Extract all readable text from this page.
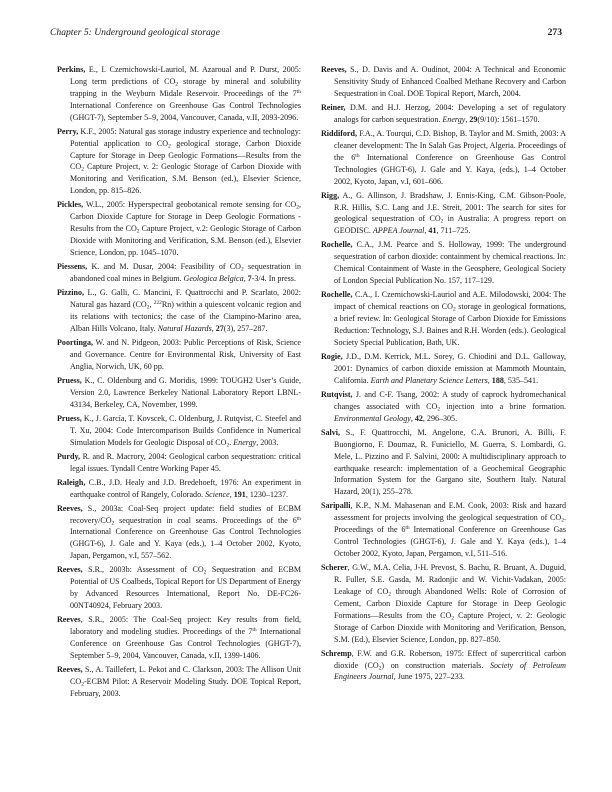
Chapter 5: Underground geological storage	273

Perkins, E., I. Czernichowski-Lauriol, M. Azaroual and P. Durst, 2005: Long term predictions of $CO_2$ storage by mineral and solubility trapping in the Weyburn Midale Reservoir. Proceedings of the 7th International Conference on Greenhouse Gas Control Technologies (GHGT-7), September 5–9, 2004, Vancouver, Canada, v.II, 2093-2096.

Perry, K.F., 2005: Natural gas storage industry experience and technology: Potential application to $CO_2$ geological storage, Carbon Dioxide Capture for Storage in Deep Geologic Formations—Results from the $CO_2$ Capture Project, v. 2: Geologic Storage of Carbon Dioxide with Monitoring and Verification, S.M. Benson (ed.), Elsevier Science, London, pp. 815–826.

Pickles, W.L., 2005: Hyperspectral geobotanical remote sensing for $CO_2$, Carbon Dioxide Capture for Storage in Deep Geologic Formations - Results from the $CO_2$ Capture Project, v.2: Geologic Storage of Carbon Dioxide with Monitoring and Verification, S.M. Benson (ed.), Elsevier Science, London, pp. 1045–1070.

Piessens, K. and M. Dusar, 2004: Feasibility of $CO_2$ sequestration in abandoned coal mines in Belgium. Geologica Belgica, 7-3/4. In press.

Pizzino, L., G. Galli, C. Mancini, F. Quattrocchi and P. Scarlato, 2002: Natural gas hazard ($CO_2$, $^{222}$Rn) within a quiescent volcanic region and its relations with tectonics; the case of the Ciampino-Marino area, Alban Hills Volcano, Italy. Natural Hazards, 27(3), 257–287.

Poortinga, W. and N. Pidgeon, 2003: Public Perceptions of Risk, Science and Governance. Centre for Environmental Risk, University of East Anglia, Norwich, UK, 60 pp.

Pruess, K., C. Oldenburg and G. Moridis, 1999: TOUGH2 User’s Guide, Version 2.0, Lawrence Berkeley National Laboratory Report LBNL-43134, Berkeley, CA, November, 1999.

Pruess, K., J. García, T. Kovscek, C. Oldenburg, J. Rutqvist, C. Steefel and T. Xu, 2004: Code Intercomparison Builds Confidence in Numerical Simulation Models for Geologic Disposal of $CO_2$. Energy, 2003.

Purdy, R. and R. Macrory, 2004: Geological carbon sequestration: critical legal issues. Tyndall Centre Working Paper 45.

Raleigh, C.B., J.D. Healy and J.D. Bredehoeft, 1976: An experiment in earthquake control of Rangely, Colorado. Science, 191, 1230–1237.

Reeves, S., 2003a: Coal-Seq project update: field studies of ECBM recovery/$CO_2$ sequestration in coal seams. Proceedings of the 6th International Conference on Greenhouse Gas Control Technologies (GHGT-6), J. Gale and Y. Kaya (eds.), 1–4 October 2002, Kyoto, Japan, Pergamon, v.I, 557–562.

Reeves, S.R., 2003b: Assessment of $CO_2$ Sequestration and ECBM Potential of US Coalbeds, Topical Report for US Department of Energy by Advanced Resources International, Report No. DE-FC26-00NT40924, February 2003.

Reeves, S.R., 2005: The Coal-Seq project: Key results from field, laboratory and modeling studies. Proceedings of the 7th International Conference on Greenhouse Gas Control Technologies (GHGT-7), September 5–9, 2004, Vancouver, Canada, v.II, 1399-1406.

Reeves, S., A. Taillefert, L. Pekot and C. Clarkson, 2003: The Allison Unit $CO_2$-ECBM Pilot: A Reservoir Modeling Study. DOE Topical Report, February, 2003.

Reeves, S., D. Davis and A. Oudinot, 2004: A Technical and Economic Sensitivity Study of Enhanced Coalbed Methane Recovery and Carbon Sequestration in Coal. DOE Topical Report, March, 2004.

Reiner, D.M. and H.J. Herzog, 2004: Developing a set of regulatory analogs for carbon sequestration. Energy, 29(9/10): 1561–1570.

Riddiford, F.A., A. Tourqui, C.D. Bishop, B. Taylor and M. Smith, 2003: A cleaner development: The In Salah Gas Project, Algeria. Proceedings of the 6th International Conference on Greenhouse Gas Control Technologies (GHGT-6), J. Gale and Y. Kaya, (eds.), 1–4 October 2002, Kyoto, Japan, v.I, 601–606.

Rigg, A., G. Allinson, J. Bradshaw, J. Ennis-King, C.M. Gibson-Poole, R.R. Hillis, S.C. Lang and J.E. Streit, 2001: The search for sites for geological sequestration of $CO_2$ in Australia: A progress report on GEODISC. APPEA Journal, 41, 711–725.

Rochelle, C.A., J.M. Pearce and S. Holloway, 1999: The underground sequestration of carbon dioxide: containment by chemical reactions. In: Chemical Containment of Waste in the Geosphere, Geological Society of London Special Publication No. 157, 117–129.

Rochelle, C.A., I. Czernichowski-Lauriol and A.E. Milodowski, 2004: The impact of chemical reactions on $CO_2$ storage in geological formations, a brief review. In: Geological Storage of Carbon Dioxide for Emissions Reduction: Technology, S.J. Baines and R.H. Worden (eds.). Geological Society Special Publication, Bath, UK.

Rogie, J.D., D.M. Kerrick, M.L. Sorey, G. Chiodini and D.L. Galloway, 2001: Dynamics of carbon dioxide emission at Mammoth Mountain, California. Earth and Planetary Science Letters, 188, 535–541.

Rutqvist, J. and C-F. Tsang, 2002: A study of caprock hydromechanical changes associated with $CO_2$ injection into a brine formation. Environmental Geology, 42, 296–305.

Salvi, S., F. Quattrocchi, M. Angelone, C.A. Brunori, A. Billi, F. Buongiorno, F. Doumaz, R. Funiciello, M. Guerra, S. Lombardi, G. Mele, L. Pizzino and F. Salvini, 2000: A multidisciplinary approach to earthquake research: implementation of a Geochemical Geographic Information System for the Gargano site, Southern Italy. Natural Hazard, 20(1), 255–278.

Saripalli, K.P., N.M. Mahasenan and E.M. Cook, 2003: Risk and hazard assessment for projects involving the geological sequestration of $CO_2$. Proceedings of the 6th International Conference on Greenhouse Gas Control Technologies (GHGT-6), J. Gale and Y. Kaya (eds.), 1–4 October 2002, Kyoto, Japan, Pergamon, v.I, 511–516.

Scherer, G.W., M.A. Celia, J-H. Prevost, S. Bachu, R. Bruant, A. Duguid, R. Fuller, S.E. Gasda, M. Radonjic and W. Vichit-Vadakan, 2005: Leakage of $CO_2$ through Abandoned Wells: Role of Corrosion of Cement, Carbon Dioxide Capture for Storage in Deep Geologic Formations—Results from the $CO_2$ Capture Project, v. 2: Geologic Storage of Carbon Dioxide with Monitoring and Verification, Benson, S.M. (Ed.), Elsevier Science, London, pp. 827–850.

Schremp, F.W. and G.R. Roberson, 1975: Effect of supercritical carbon dioxide $(CO_2)$ on construction materials. Society of Petroleum Engineers Journal, June 1975, 227–233.
